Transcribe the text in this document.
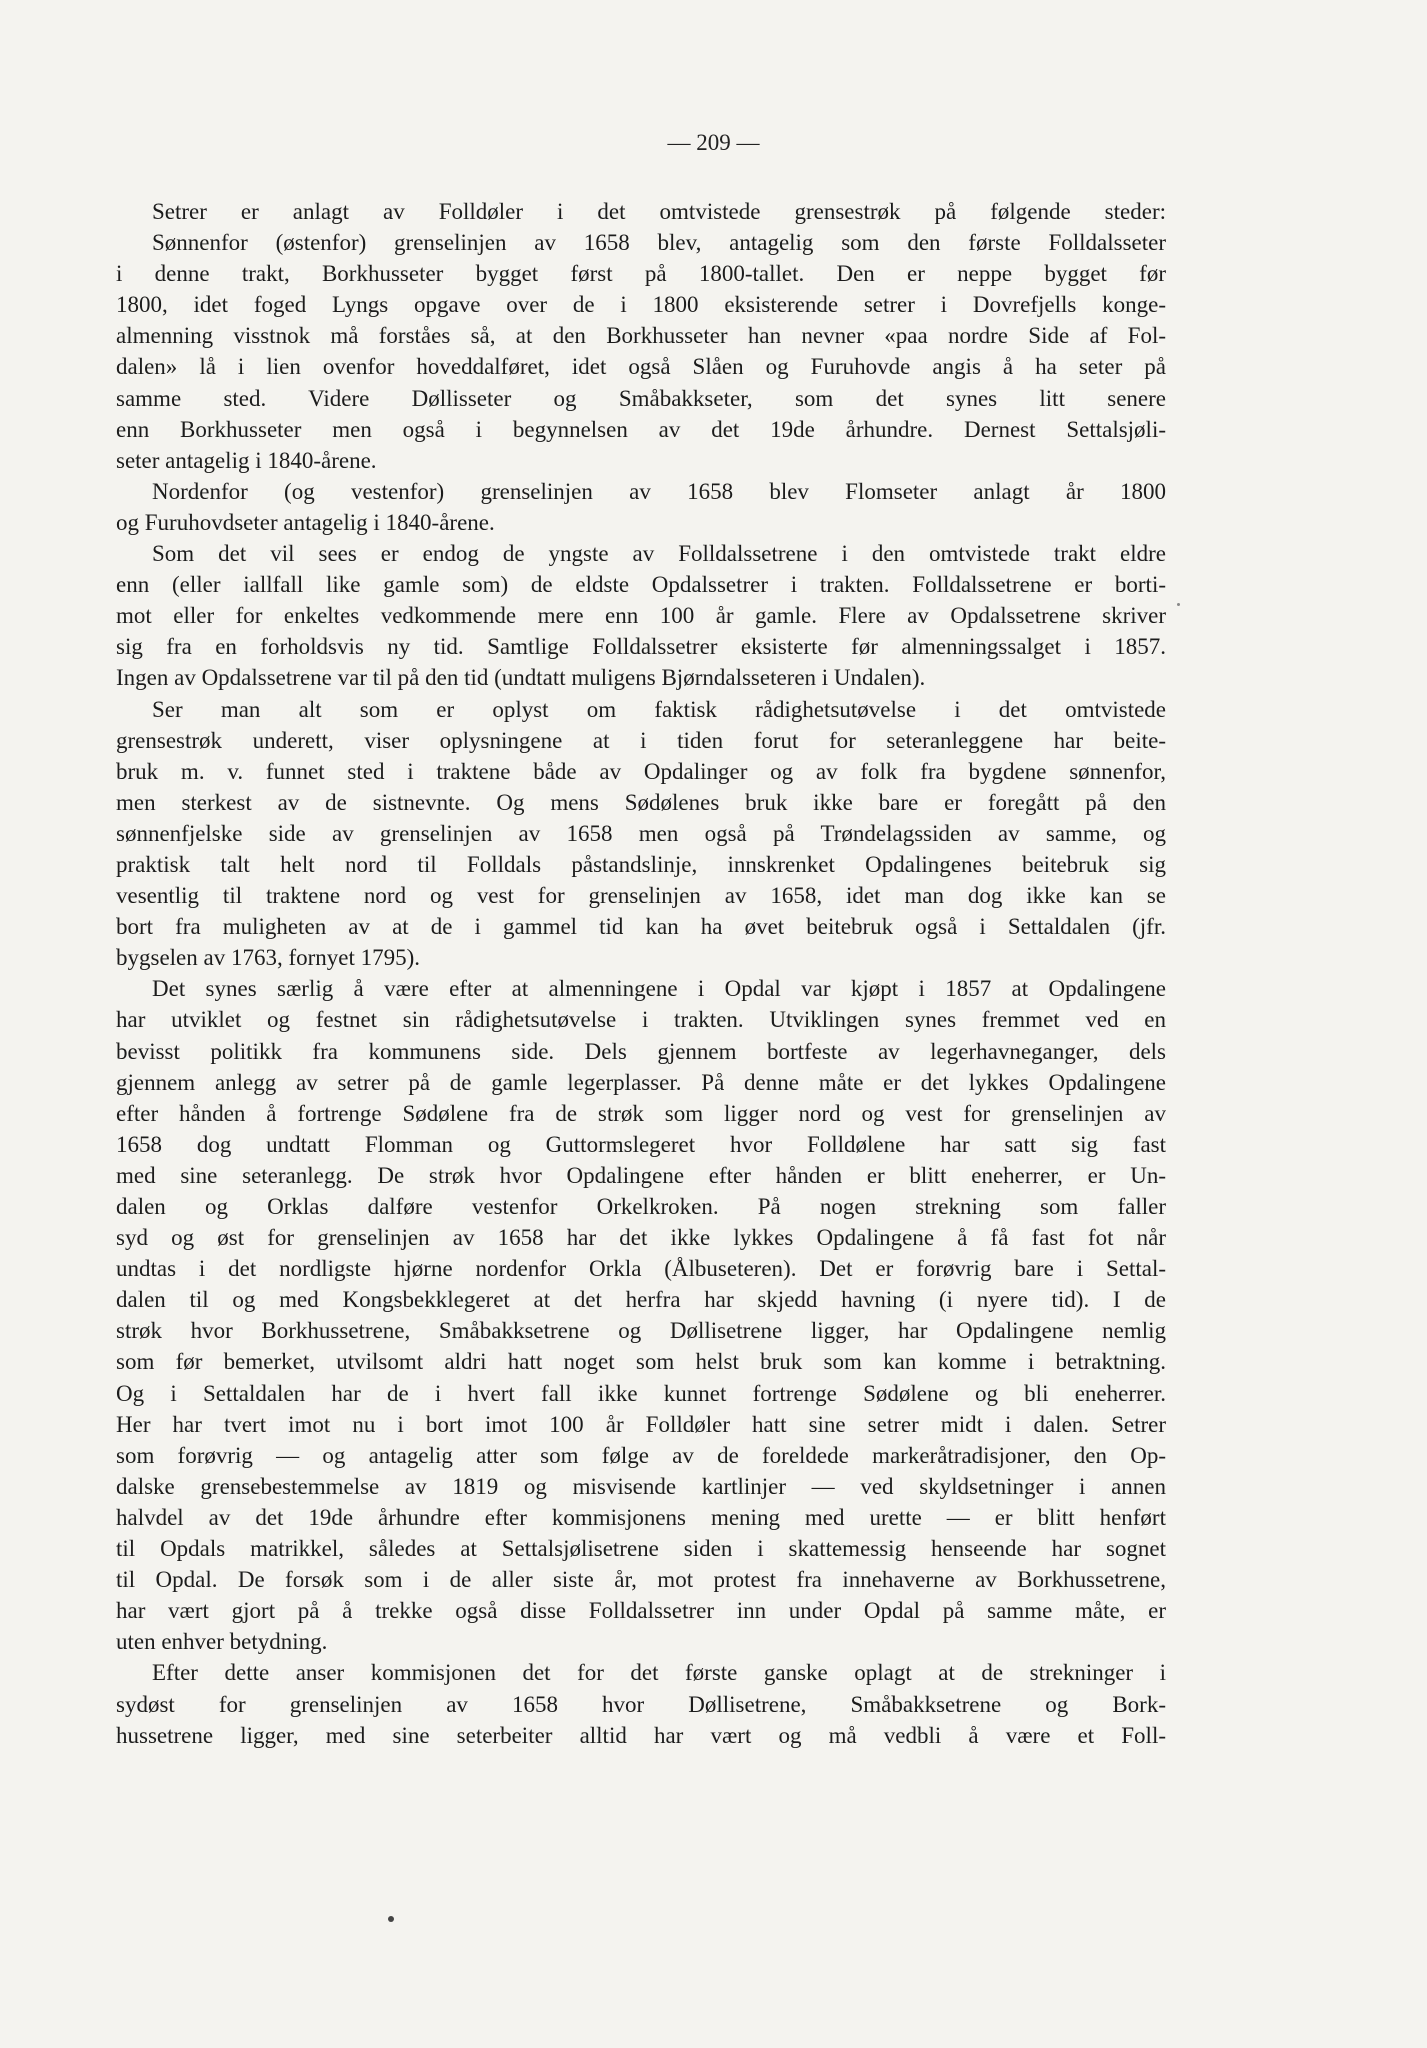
— 209 —
Setrer er anlagt av Folldøler i det omtvistede grensestrøk på følgende steder:
Sønnenfor (østenfor) grenselinjen av 1658 blev, antagelig som den første Folldalsseter
i denne trakt, Borkhusseter bygget først på 1800-tallet. Den er neppe bygget før
1800, idet foged Lyngs opgave over de i 1800 eksisterende setrer i Dovrefjells konge-
almenning visstnok må forståes så, at den Borkhusseter han nevner «paa nordre Side af Fol-
dalen» lå i lien ovenfor hoveddalføret, idet også Slåen og Furuhovde angis å ha seter på
samme sted. Videre Døllisseter og Småbakkseter, som det synes litt senere
enn Borkhusseter men også i begynnelsen av det 19de århundre. Dernest Settalsjøli-
seter antagelig i 1840-årene.
Nordenfor (og vestenfor) grenselinjen av 1658 blev Flomseter anlagt år 1800
og Furuhovdseter antagelig i 1840-årene.
Som det vil sees er endog de yngste av Folldalssetrene i den omtvistede trakt eldre
enn (eller iallfall like gamle som) de eldste Opdalssetrer i trakten. Folldalssetrene er borti-
mot eller for enkeltes vedkommende mere enn 100 år gamle. Flere av Opdalssetrene skriver
sig fra en forholdsvis ny tid. Samtlige Folldalssetrer eksisterte før almenningssalget i 1857.
Ingen av Opdalssetrene var til på den tid (undtatt muligens Bjørndalsseteren i Undalen).
Ser man alt som er oplyst om faktisk rådighetsutøvelse i det omtvistede
grensestrøk underett, viser oplysningene at i tiden forut for seteranleggene har beite-
bruk m. v. funnet sted i traktene både av Opdalinger og av folk fra bygdene sønnenfor,
men sterkest av de sistnevnte. Og mens Sødølenes bruk ikke bare er foregått på den
sønnenfjelske side av grenselinjen av 1658 men også på Trøndelagssiden av samme, og
praktisk talt helt nord til Folldals påstandslinje, innskrenket Opdalingenes beitebruk sig
vesentlig til traktene nord og vest for grenselinjen av 1658, idet man dog ikke kan se
bort fra muligheten av at de i gammel tid kan ha øvet beitebruk også i Settaldalen (jfr.
bygselen av 1763, fornyet 1795).
Det synes særlig å være efter at almenningene i Opdal var kjøpt i 1857 at Opdalingene
har utviklet og festnet sin rådighetsutøvelse i trakten. Utviklingen synes fremmet ved en
bevisst politikk fra kommunens side. Dels gjennem bortfeste av legerhavneganger, dels
gjennem anlegg av setrer på de gamle legerplasser. På denne måte er det lykkes Opdalingene
efter hånden å fortrenge Sødølene fra de strøk som ligger nord og vest for grenselinjen av
1658 dog undtatt Flomman og Guttormslegeret hvor Folldølene har satt sig fast
med sine seteranlegg. De strøk hvor Opdalingene efter hånden er blitt eneherrer, er Un-
dalen og Orklas dalføre vestenfor Orkelkroken. På nogen strekning som faller
syd og øst for grenselinjen av 1658 har det ikke lykkes Opdalingene å få fast fot når
undtas i det nordligste hjørne nordenfor Orkla (Ålbuseteren). Det er forøvrig bare i Settal-
dalen til og med Kongsbekklegeret at det herfra har skjedd havning (i nyere tid). I de
strøk hvor Borkhussetrene, Småbakksetrene og Døllisetrene ligger, har Opdalingene nemlig
som før bemerket, utvilsomt aldri hatt noget som helst bruk som kan komme i betraktning.
Og i Settaldalen har de i hvert fall ikke kunnet fortrenge Sødølene og bli eneherrer.
Her har tvert imot nu i bort imot 100 år Folldøler hatt sine setrer midt i dalen. Setrer
som forøvrig — og antagelig atter som følge av de foreldede markeråtradisjoner, den Op-
dalske grensebestemmelse av 1819 og misvisende kartlinjer — ved skyldsetninger i annen
halvdel av det 19de århundre efter kommisjonens mening med urette — er blitt henført
til Opdals matrikkel, således at Settalsjølisetrene siden i skattemessig henseende har sognet
til Opdal. De forsøk som i de aller siste år, mot protest fra innehaverne av Borkhussetrene,
har vært gjort på å trekke også disse Folldalssetrer inn under Opdal på samme måte, er
uten enhver betydning.
Efter dette anser kommisjonen det for det første ganske oplagt at de strekninger i
sydøst for grenselinjen av 1658 hvor Døllisetrene, Småbakksetrene og Bork-
hussetrene ligger, med sine seterbeiter alltid har vært og må vedbli å være et Foll-
